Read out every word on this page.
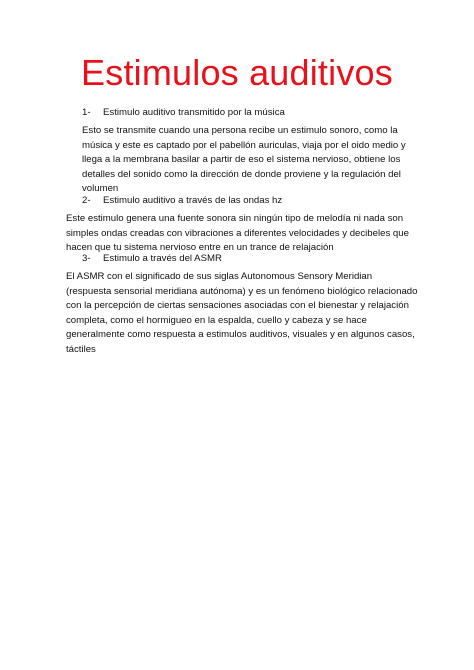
Estimulos auditivos
1-	Estimulo auditivo transmitido por la música

Esto se transmite cuando una persona recibe un estimulo sonoro, como la música y este es captado por el pabellón auriculas, viaja por el oido medio y llega a la membrana basilar a partir de eso el sistema nervioso, obtiene los detalles del sonido como la dirección de donde proviene y la regulación del volumen

2-	Estimulo auditivo a través de las ondas hz

Este estimulo genera una fuente sonora sin ningún tipo de melodía ni nada son simples ondas creadas con vibraciones a diferentes velocidades y decibeles que hacen que tu sistema nervioso entre en un trance de relajación

3-	Estimulo a través del ASMR

El ASMR con el significado de sus siglas Autonomous Sensory Meridian (respuesta sensorial meridiana autónoma) y es un fenómeno biológico relacionado con la percepción de ciertas sensaciones asociadas con el bienestar y relajación completa, como el hormigueo en la espalda, cuello y cabeza y se hace generalmente como respuesta a estimulos auditivos, visuales y en algunos casos, táctiles
